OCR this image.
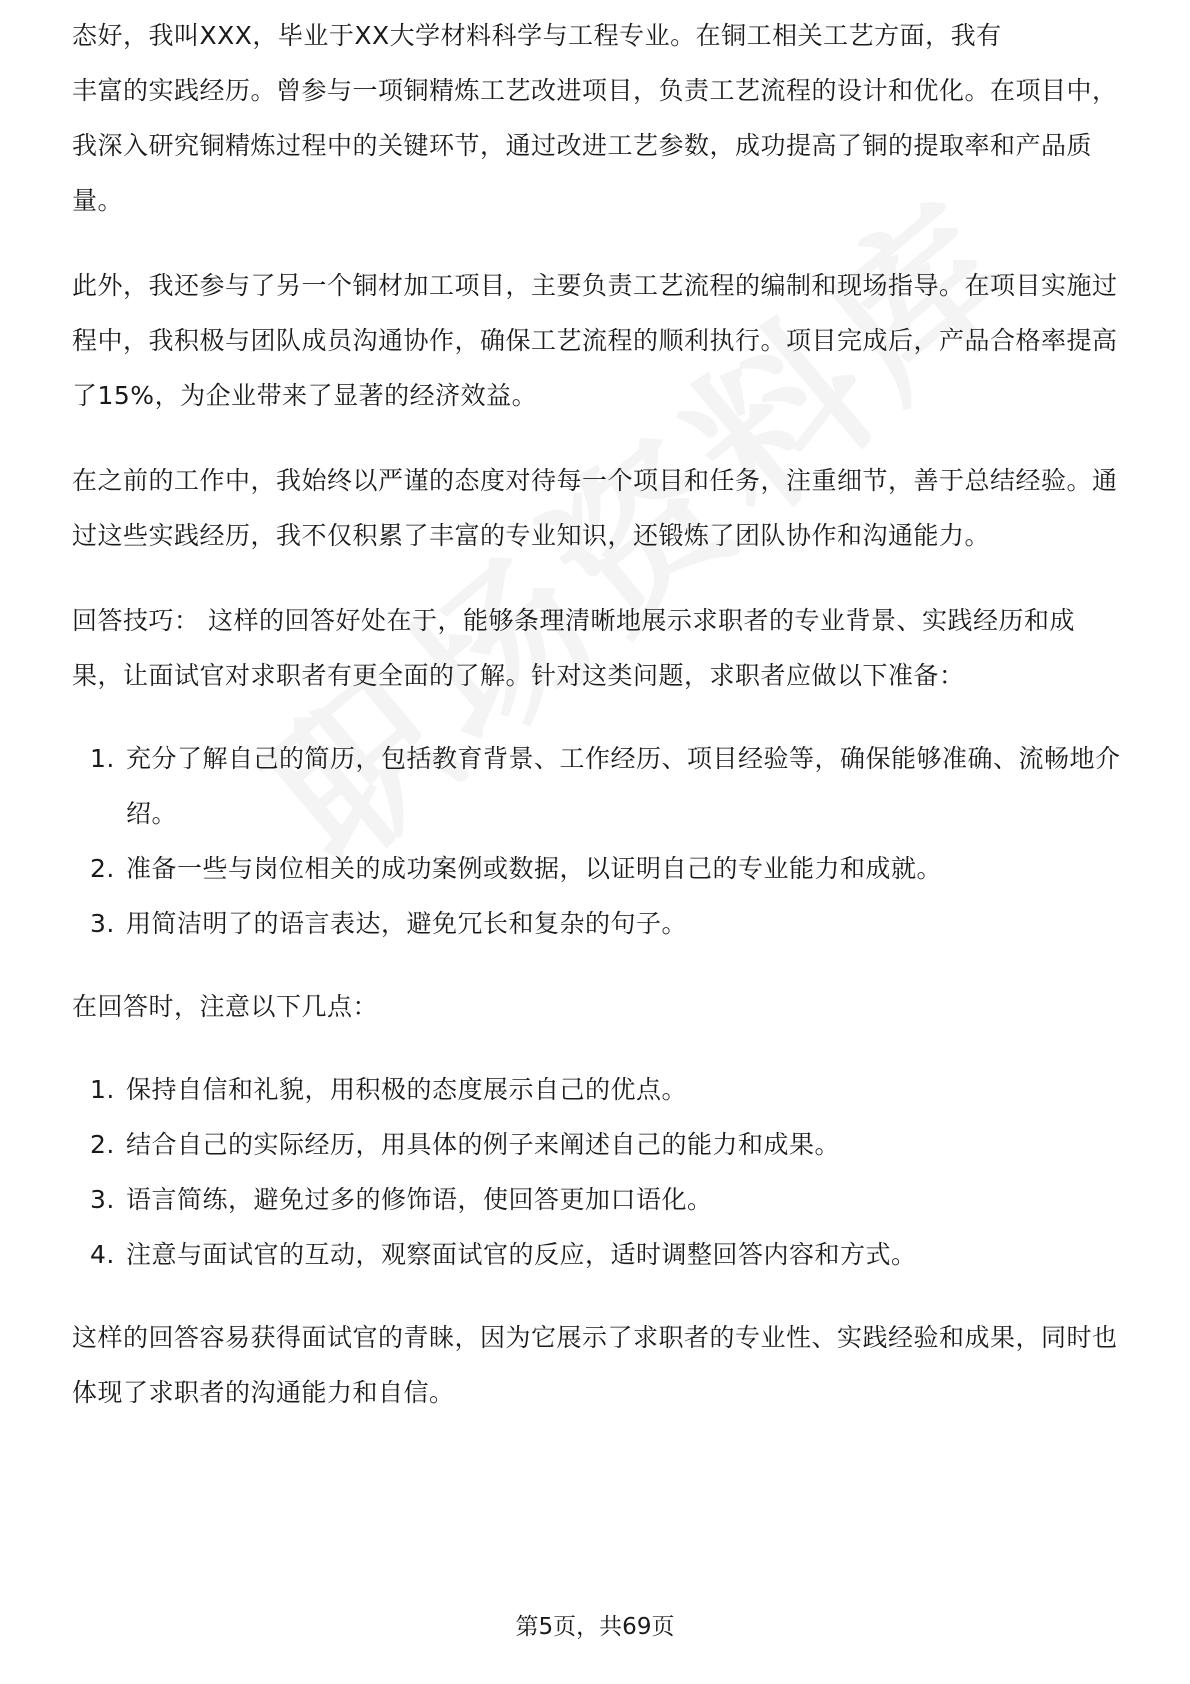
态好，我叫XXX，毕业于XX大学材料科学与工程专业。在铜工相关工艺方面，我有
丰富的实践经历。曾参与一项铜精炼工艺改进项目，负责工艺流程的设计和优化。在项目中，我深入研究铜精炼过程中的关键环节，通过改进工艺参数，成功提高了铜的提取率和产品质量。

此外，我还参与了另一个铜材加工项目，主要负责工艺流程的编制和现场指导。在项目实施过程中，我积极与团队成员沟通协作，确保工艺流程的顺利执行。项目完成后，产品合格率提高了15%，为企业带来了显著的经济效益。

在之前的工作中，我始终以严谨的态度对待每一个项目和任务，注重细节，善于总结经验。通过这些实践经历，我不仅积累了丰富的专业知识，还锻炼了团队协作和沟通能力。

回答技巧： 这样的回答好处在于，能够条理清晰地展示求职者的专业背景、实践经历和成果，让面试官对求职者有更全面的了解。针对这类问题，求职者应做以下准备：

1. 充分了解自己的简历，包括教育背景、工作经历、项目经验等，确保能够准确、流畅地介绍。
2. 准备一些与岗位相关的成功案例或数据，以证明自己的专业能力和成就。
3. 用简洁明了的语言表达，避免冗长和复杂的句子。

在回答时，注意以下几点：

1. 保持自信和礼貌，用积极的态度展示自己的优点。
2. 结合自己的实际经历，用具体的例子来阐述自己的能力和成果。
3. 语言简练，避免过多的修饰语，使回答更加口语化。
4. 注意与面试官的互动，观察面试官的反应，适时调整回答内容和方式。

这样的回答容易获得面试官的青睐，因为它展示了求职者的专业性、实践经验和成果，同时也体现了求职者的沟通能力和自信。

第5页，共69页
